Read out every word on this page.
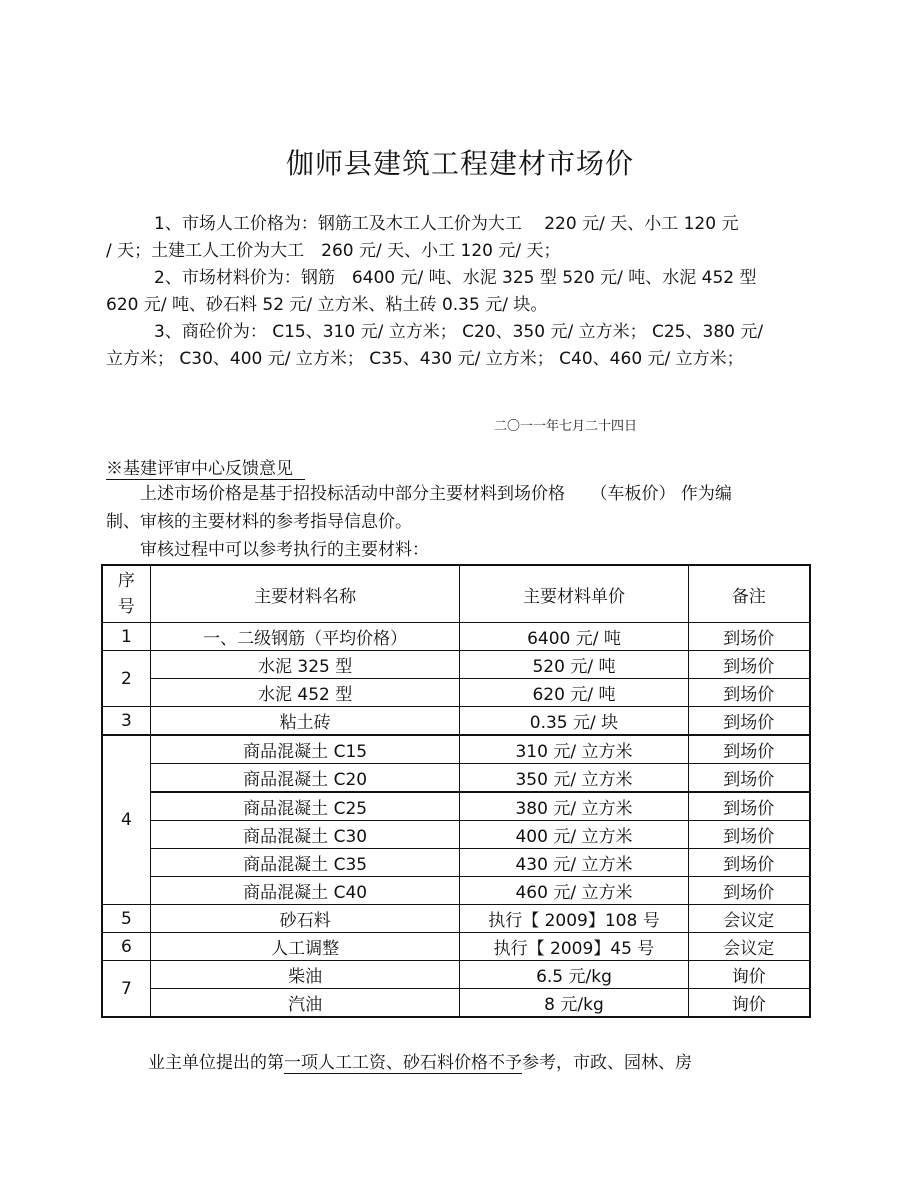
伽师县建筑工程建材市场价
1、市场人工价格为：钢筋工及木工人工价为大工　 220 元/ 天、小工 120 元
/ 天；土建工人工价为大工　260 元/ 天、小工 120 元/ 天；
2、市场材料价为：钢筋　6400 元/ 吨、水泥 325 型 520 元/ 吨、水泥 452 型
620 元/ 吨、砂石料 52 元/ 立方米、粘土砖 0.35 元/ 块。
3、商砼价为： C15、310 元/ 立方米； C20、350 元/ 立方米； C25、380 元/
立方米； C30、400 元/ 立方米； C35、430 元/ 立方米； C40、460 元/ 立方米；
二〇一一年七月二十四日
※基建评审中心反馈意见
上述市场价格是基于招投标活动中部分主要材料到场价格　　（车板价） 作为编
制、审核的主要材料的参考指导信息价。
审核过程中可以参考执行的主要材料：
序
号	主要材料名称	主要材料单价	备注
1	一、二级钢筋（平均价格）	6400 元/ 吨	到场价
2	水泥 325 型	520 元/ 吨	到场价
	水泥 452 型	620 元/ 吨	到场价
3	粘土砖	0.35 元/ 块	到场价
4	商品混凝土 C15	310 元/ 立方米	到场价
	商品混凝土 C20	350 元/ 立方米	到场价
	商品混凝土 C25	380 元/ 立方米	到场价
	商品混凝土 C30	400 元/ 立方米	到场价
	商品混凝土 C35	430 元/ 立方米	到场价
	商品混凝土 C40	460 元/ 立方米	到场价
5	砂石料	执行【 2009】108 号	会议定
6	人工调整	执行【 2009】45 号	会议定
7	柴油	6.5 元/kg	询价
	汽油	8 元/kg	询价
业主单位提出的第一项人工工资、砂石料价格不予参考，市政、园林、房
